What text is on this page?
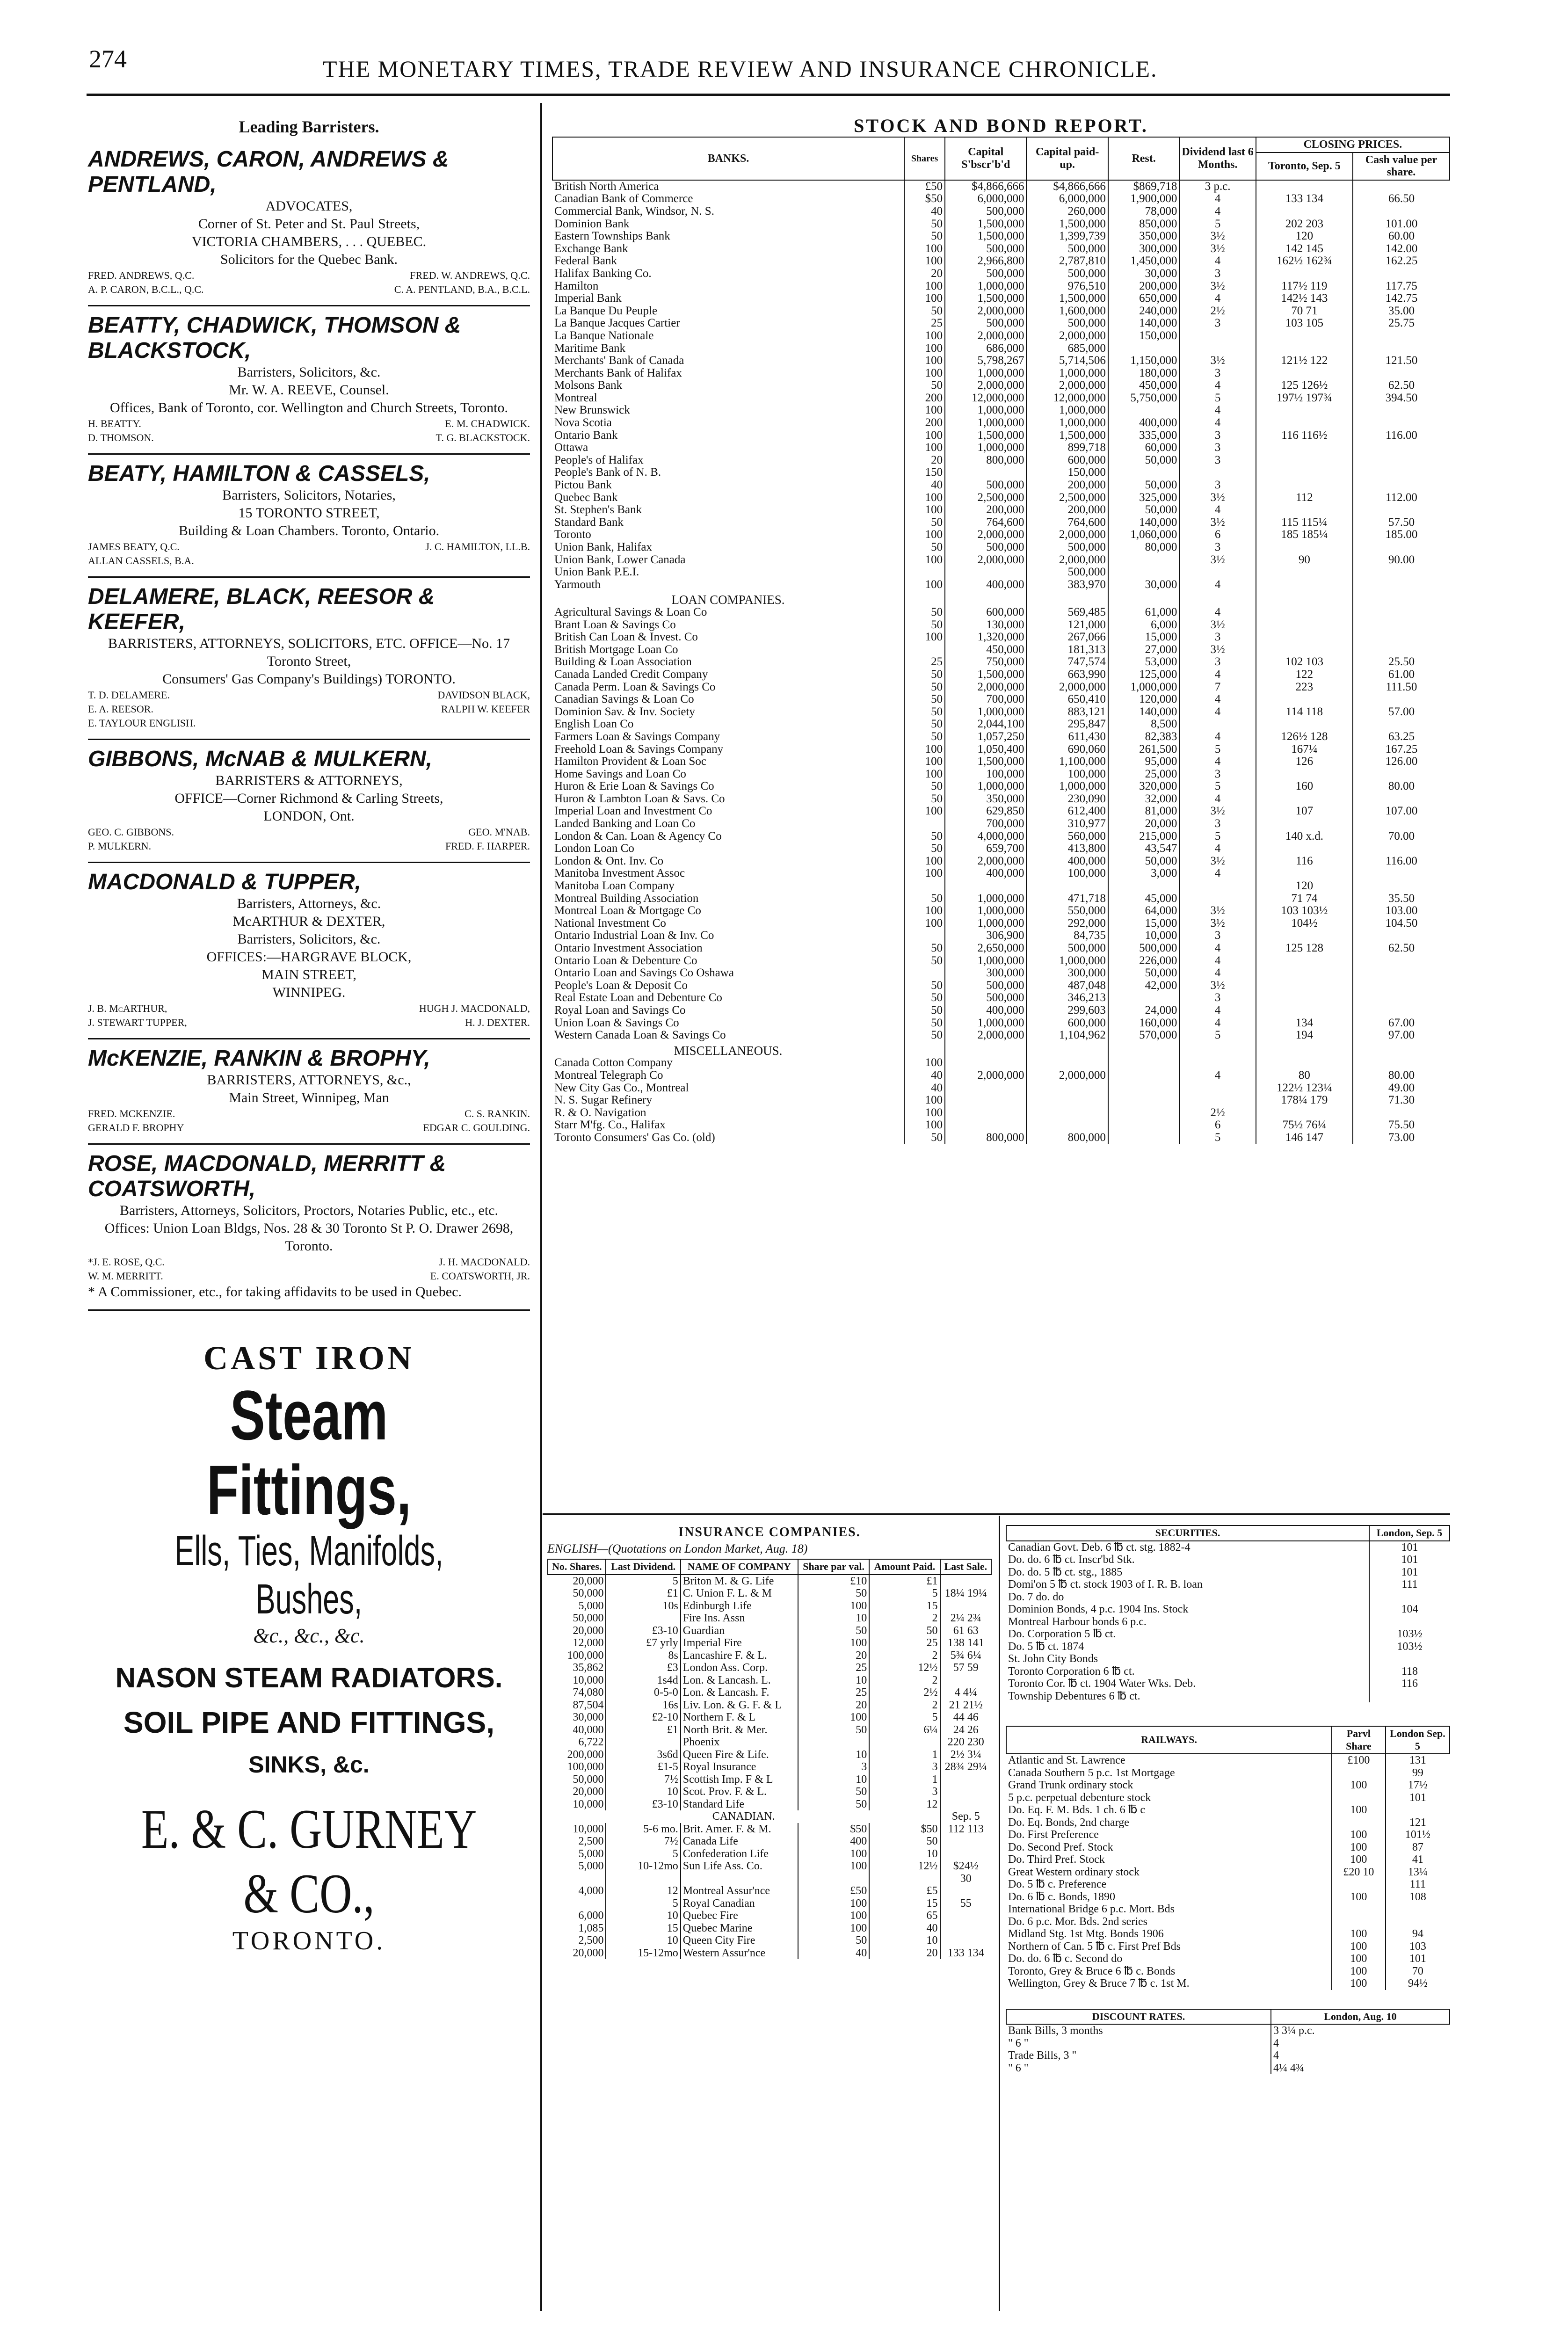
274	THE MONETARY TIMES, TRADE REVIEW AND INSURANCE CHRONICLE.
Leading Barristers.
ANDREWS, CARON, ANDREWS & PENTLAND,
ADVOCATES,
Corner of St. Peter and St. Paul Streets,
VICTORIA CHAMBERS, . . . QUEBEC.
Solicitors for the Quebec Bank.
FRED. ANDREWS, Q.C.	FRED. W. ANDREWS, Q.C.
A. P. CARON, B.C.L., Q.C.	C. A. PENTLAND, B.A., B.C.L.
BEATTY, CHADWICK, THOMSON & BLACKSTOCK,
Barristers, Solicitors, &c.
Mr. W. A. REEVE, Counsel.
Offices, Bank of Toronto, cor. Wellington and Church Streets, Toronto.
H. BEATTY.	E. M. CHADWICK.
D. THOMSON.	T. G. BLACKSTOCK.
BEATY, HAMILTON & CASSELS,
Barristers, Solicitors, Notaries,
15 TORONTO STREET,
Building & Loan Chambers. Toronto, Ontario.
JAMES BEATY, Q.C.	J. C. HAMILTON, LL.B.
ALLAN CASSELS, B.A.
DELAMERE, BLACK, REESOR & KEEFER,
BARRISTERS, ATTORNEYS, SOLICITORS, ETC. OFFICE—No. 17 Toronto Street,
Consumers' Gas Company's Buildings) TORONTO.
T. D. DELAMERE.	DAVIDSON BLACK,
E. A. REESOR.	RALPH W. KEEFER
E. TAYLOUR ENGLISH.
GIBBONS, McNAB & MULKERN,
BARRISTERS & ATTORNEYS,
OFFICE—Corner Richmond & Carling Streets,
LONDON, Ont.
GEO. C. GIBBONS.	GEO. M'NAB.
P. MULKERN.	FRED. F. HARPER.
MACDONALD & TUPPER,
Barristers, Attorneys, &c.
McARTHUR & DEXTER,
Barristers, Solicitors, &c.
OFFICES:—HARGRAVE BLOCK,
MAIN STREET,
WINNIPEG.
J. B. McARTHUR,	HUGH J. MACDONALD,
J. STEWART TUPPER,	H. J. DEXTER.
McKENZIE, RANKIN & BROPHY,
BARRISTERS, ATTORNEYS, &c.,
Main Street, Winnipeg, Man
FRED. MCKENZIE.	C. S. RANKIN.
GERALD F. BROPHY	EDGAR C. GOULDING.
ROSE, MACDONALD, MERRITT & COATSWORTH,
Barristers, Attorneys, Solicitors, Proctors, Notaries Public, etc., etc.
Offices: Union Loan Bldgs, Nos. 28 & 30 Toronto St P. O. Drawer 2698, Toronto.
*J. E. ROSE, Q.C.	J. H. MACDONALD.
W. M. MERRITT.	E. COATSWORTH, JR.
* A Commissioner, etc., for taking affidavits to be used in Quebec.
CAST IRON
Steam Fittings,
Ells, Ties, Manifolds, Bushes,
&c., &c., &c.
NASON STEAM RADIATORS.
SOIL PIPE AND FITTINGS,
SINKS, &c.
E. & C. GURNEY & CO.,
TORONTO.
STOCK AND BOND REPORT.
BANKS.	Shares	Capital S'bscr'b'd	Capital paid-up.	Rest.	Dividend last 6 Months.	CLOSING PRICES.	
						Toronto, Sep. 5	Cash value per share.
British North America	£50	$4,866,666	$4,866,666	$869,718	3 p.c.		
Canadian Bank of Commerce	$50	6,000,000	6,000,000	1,900,000	4	133 134	66.50
Commercial Bank, Windsor, N. S.	40	500,000	260,000	78,000	4		
Dominion Bank	50	1,500,000	1,500,000	850,000	5	202 203	101.00
Eastern Townships Bank	50	1,500,000	1,399,739	350,000	3½	120	60.00
Exchange Bank	100	500,000	500,000	300,000	3½	142 145	142.00
Federal Bank	100	2,966,800	2,787,810	1,450,000	4	162½ 162¾	162.25
Halifax Banking Co.	20	500,000	500,000	30,000	3		
Hamilton	100	1,000,000	976,510	200,000	3½	117½ 119	117.75
Imperial Bank	100	1,500,000	1,500,000	650,000	4	142½ 143	142.75
La Banque Du Peuple	50	2,000,000	1,600,000	240,000	2½	70 71	35.00
La Banque Jacques Cartier	25	500,000	500,000	140,000	3	103 105	25.75
La Banque Nationale	100	2,000,000	2,000,000	150,000			
Maritime Bank	100	686,000	685,000				
Merchants' Bank of Canada	100	5,798,267	5,714,506	1,150,000	3½	121½ 122	121.50
Merchants Bank of Halifax	100	1,000,000	1,000,000	180,000	3		
Molsons Bank	50	2,000,000	2,000,000	450,000	4	125 126½	62.50
Montreal	200	12,000,000	12,000,000	5,750,000	5	197½ 197¾	394.50
New Brunswick	100	1,000,000	1,000,000		4		
Nova Scotia	200	1,000,000	1,000,000	400,000	4		
Ontario Bank	100	1,500,000	1,500,000	335,000	3	116 116½	116.00
Ottawa	100	1,000,000	899,718	60,000	3		
People's of Halifax	20	800,000	600,000	50,000	3		
People's Bank of N. B.	150		150,000				
Pictou Bank	40	500,000	200,000	50,000	3		
Quebec Bank	100	2,500,000	2,500,000	325,000	3½	112	112.00
St. Stephen's Bank	100	200,000	200,000	50,000	4		
Standard Bank	50	764,600	764,600	140,000	3½	115 115¼	57.50
Toronto	100	2,000,000	2,000,000	1,060,000	6	185 185¼	185.00
Union Bank, Halifax	50	500,000	500,000	80,000	3		
Union Bank, Lower Canada	100	2,000,000	2,000,000		3½	90	90.00
Union Bank P.E.I.			500,000				
Yarmouth	100	400,000	383,970	30,000	4		
LOAN COMPANIES.							
Agricultural Savings & Loan Co	50	600,000	569,485	61,000	4		
Brant Loan & Savings Co	50	130,000	121,000	6,000	3½		
British Can Loan & Invest. Co	100	1,320,000	267,066	15,000	3		
British Mortgage Loan Co		450,000	181,313	27,000	3½		
Building & Loan Association	25	750,000	747,574	53,000	3	102 103	25.50
Canada Landed Credit Company	50	1,500,000	663,990	125,000	4	122	61.00
Canada Perm. Loan & Savings Co	50	2,000,000	2,000,000	1,000,000	7	223	111.50
Canadian Savings & Loan Co	50	700,000	650,410	120,000	4		
Dominion Sav. & Inv. Society	50	1,000,000	883,121	140,000	4	114 118	57.00
English Loan Co	50	2,044,100	295,847	8,500			
Farmers Loan & Savings Company	50	1,057,250	611,430	82,383	4	126½ 128	63.25
Freehold Loan & Savings Company	100	1,050,400	690,060	261,500	5	167¼	167.25
Hamilton Provident & Loan Soc	100	1,500,000	1,100,000	95,000	4	126	126.00
Home Savings and Loan Co	100	100,000	100,000	25,000	3		
Huron & Erie Loan & Savings Co	50	1,000,000	1,000,000	320,000	5	160	80.00
Huron & Lambton Loan & Savs. Co	50	350,000	230,090	32,000	4		
Imperial Loan and Investment Co	100	629,850	612,400	81,000	3½	107	107.00
Landed Banking and Loan Co		700,000	310,977	20,000	3		
London & Can. Loan & Agency Co	50	4,000,000	560,000	215,000	5	140 x.d.	70.00
London Loan Co	50	659,700	413,800	43,547	4		
London & Ont. Inv. Co	100	2,000,000	400,000	50,000	3½	116	116.00
Manitoba Investment Assoc	100	400,000	100,000	3,000	4		
Manitoba Loan Company						120	
Montreal Building Association	50	1,000,000	471,718	45,000		71 74	35.50
Montreal Loan & Mortgage Co	100	1,000,000	550,000	64,000	3½	103 103½	103.00
National Investment Co	100	1,000,000	292,000	15,000	3½	104½	104.50
Ontario Industrial Loan & Inv. Co		306,900	84,735	10,000	3		
Ontario Investment Association	50	2,650,000	500,000	500,000	4	125 128	62.50
Ontario Loan & Debenture Co	50	1,000,000	1,000,000	226,000	4		
Ontario Loan and Savings Co Oshawa		300,000	300,000	50,000	4		
People's Loan & Deposit Co	50	500,000	487,048	42,000	3½		
Real Estate Loan and Debenture Co	50	500,000	346,213		3		
Royal Loan and Savings Co	50	400,000	299,603	24,000	4		
Union Loan & Savings Co	50	1,000,000	600,000	160,000	4	134	67.00
Western Canada Loan & Savings Co	50	2,000,000	1,104,962	570,000	5	194	97.00
MISCELLANEOUS.							
Canada Cotton Company	100						
Montreal Telegraph Co	40	2,000,000	2,000,000		4	80	80.00
New City Gas Co., Montreal	40					122½ 123¼	49.00
N. S. Sugar Refinery	100					178¼ 179	71.30
R. & O. Navigation	100				2½		
Starr M'fg. Co., Halifax	100				6	75½ 76¼	75.50
Toronto Consumers' Gas Co. (old)	50	800,000	800,000		5	146 147	73.00
INSURANCE COMPANIES.
ENGLISH—(Quotations on London Market, Aug. 18)
No. Shares.	Last Dividend.	NAME OF COMPANY	Share par val.	Amount Paid.	Last Sale.
20,000	5	Briton M. & G. Life	£10	£1	
50,000	£1	C. Union F. L. & M	50	5	18¼ 19¼
5,000	10s	Edinburgh Life	100	15	
50,000		Fire Ins. Assn	10	2	2¼ 2¾
20,000	£3-10	Guardian	50	50	61 63
12,000	£7 yrly	Imperial Fire	100	25	138 141
100,000	8s	Lancashire F. & L.	20	2	5¾ 6¼
35,862	£3	London Ass. Corp.	25	12½	57 59
10,000	1s4d	Lon. & Lancash. L.	10	2	
74,080	0-5-0	Lon. & Lancash. F.	25	2½	4 4¼
87,504	16s	Liv. Lon. & G. F. & L	20	2	21 21½
30,000	£2-10	Northern F. & L	100	5	44 46
40,000	£1	North Brit. & Mer.	50	6¼	24 26
6,722		Phoenix			220 230
200,000	3s6d	Queen Fire & Life.	10	1	2½ 3¼
100,000	£1-5	Royal Insurance	3	3	28¾ 29¼
50,000	7½	Scottish Imp. F & L	10	1	
20,000	10	Scot. Prov. F. & L.	50	3	
10,000	£3-10	Standard Life	50	12	
CANADIAN.					Sep. 5
10,000	5-6 mo.	Brit. Amer. F. & M.	$50	$50	112 113
2,500	7½	Canada Life	400	50	
5,000	5	Confederation Life	100	10	
5,000	10-12mo	Sun Life Ass. Co.	100	12½	$24½
					30
4,000	12	Montreal Assur'nce	£50	£5	
	5	Royal Canadian	100	15	55
6,000	10	Quebec Fire	100	65	
1,085	15	Quebec Marine	100	40	
2,500	10	Queen City Fire	50	10	
20,000	15-12mo	Western Assur'nce	40	20	133 134
SECURITIES.	London, Sep. 5
Canadian Govt. Deb. 6 ℔ ct. stg. 1882-4	101
Do. do. 6 ℔ ct. Inscr'bd Stk.	101
Do. do. 5 ℔ ct. stg., 1885	101
Domi'on 5 ℔ ct. stock 1903 of I. R. B. loan	111
Do. 7 do. do	
Dominion Bonds, 4 p.c. 1904 Ins. Stock	104
Montreal Harbour bonds 6 p.c.	
Do. Corporation 5 ℔ ct.	103½
Do. 5 ℔ ct. 1874	103½
St. John City Bonds	
Toronto Corporation 6 ℔ ct.	118
Toronto Cor. ℔ ct. 1904 Water Wks. Deb.	116
Township Debentures 6 ℔ ct.	
RAILWAYS.	Parvl Share	London Sep. 5
Atlantic and St. Lawrence	£100	131
Canada Southern 5 p.c. 1st Mortgage		99
Grand Trunk ordinary stock	100	17½
5 p.c. perpetual debenture stock		101
Do. Eq. F. M. Bds. 1 ch. 6 ℔ c	100	
Do. Eq. Bonds, 2nd charge		121
Do. First Preference	100	101½
Do. Second Pref. Stock	100	87
Do. Third Pref. Stock	100	41
Great Western ordinary stock	£20 10	13¼
Do. 5 ℔ c. Preference		111
Do. 6 ℔ c. Bonds, 1890	100	108
International Bridge 6 p.c. Mort. Bds		
Do. 6 p.c. Mor. Bds. 2nd series		
Midland Stg. 1st Mtg. Bonds 1906	100	94
Northern of Can. 5 ℔ c. First Pref Bds	100	103
Do. do. 6 ℔ c. Second do	100	101
Toronto, Grey & Bruce 6 ℔ c. Bonds	100	70
Wellington, Grey & Bruce 7 ℔ c. 1st M.	100	94½
DISCOUNT RATES.	London, Aug. 10
Bank Bills, 3 months	3 3¼ p.c.
" 6 "	4
Trade Bills, 3 "	4
" 6 "	4¼ 4¾
